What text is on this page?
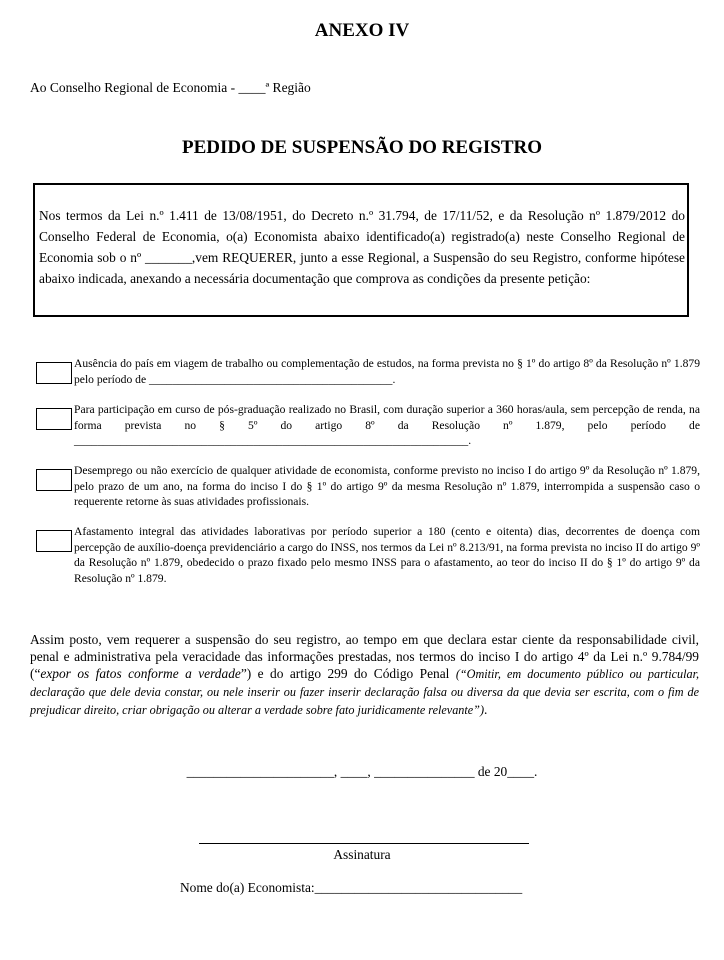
ANEXO IV
Ao Conselho Regional de Economia - ____ª Região
PEDIDO DE SUSPENSÃO DO REGISTRO
Nos termos da Lei n.º 1.411 de 13/08/1951, do Decreto n.º 31.794, de 17/11/52, e da Resolução nº 1.879/2012 do Conselho Federal de Economia, o(a) Economista abaixo identificado(a) registrado(a) neste Conselho Regional de Economia sob o nº _______,vem REQUERER, junto a esse Regional, a Suspensão do seu Registro, conforme hipótese abaixo indicada, anexando a necessária documentação que comprova as condições da presente petição:
Ausência do país em viagem de trabalho ou complementação de estudos, na forma prevista no § 1º do artigo 8º da Resolução nº 1.879 pelo período de __________________________________________.
Para participação em curso de pós-graduação realizado no Brasil, com duração superior a 360 horas/aula, sem percepção de renda, na forma prevista no § 5º do artigo 8º da Resolução nº 1.879, pelo período de ____________________________________________________________________.
Desemprego ou não exercício de qualquer atividade de economista, conforme previsto no inciso I do artigo 9º da Resolução nº 1.879, pelo prazo de um ano, na forma do inciso I do § 1º do artigo 9º da mesma Resolução nº 1.879, interrompida a suspensão caso o requerente retorne às suas atividades profissionais.
Afastamento integral das atividades laborativas por período superior a 180 (cento e oitenta) dias, decorrentes de doença com percepção de auxílio-doença previdenciário a cargo do INSS, nos termos da Lei nº 8.213/91, na forma prevista no inciso II do artigo 9º da Resolução nº 1.879, obedecido o prazo fixado pelo mesmo INSS para o afastamento, ao teor do inciso II do § 1º do artigo 9º da Resolução nº 1.879.
Assim posto, vem requerer a suspensão do seu registro, ao tempo em que declara estar ciente da responsabilidade civil, penal e administrativa pela veracidade das informações prestadas, nos termos do inciso I do artigo 4º da Lei n.º 9.784/99 (“expor os fatos conforme a verdade”) e do artigo 299 do Código Penal (“Omitir, em documento público ou particular, declaração que dele devia constar, ou nele inserir ou fazer inserir declaração falsa ou diversa da que devia ser escrita, com o fim de prejudicar direito, criar obrigação ou alterar a verdade sobre fato juridicamente relevante”).
______________________, ____, _______________ de 20____.
Assinatura
Nome do(a) Economista:_______________________________
